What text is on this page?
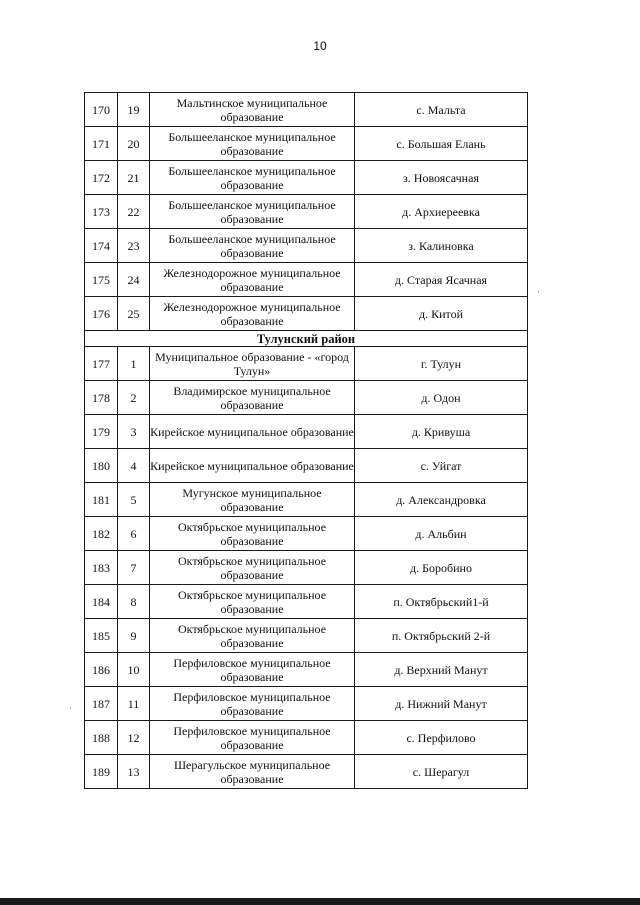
10
170	19	Мальтинское муниципальное образование	с. Мальта
171	20	Большееланское муниципальное образование	с. Большая Елань
172	21	Большееланское муниципальное образование	з. Новоясачная
173	22	Большееланское муниципальное образование	д. Архиереевка
174	23	Большееланское муниципальное образование	з. Калиновка
175	24	Железнодорожное муниципальное образование	д. Старая Ясачная
176	25	Железнодорожное муниципальное образование	д. Китой
Тулунский район			
177	1	Муниципальное образование - «город Тулун»	г. Тулун
178	2	Владимирское муниципальное образование	д. Одон
179	3	Кирейское муниципальное образование	д. Кривуша
180	4	Кирейское муниципальное образование	с. Уйгат
181	5	Мугунское муниципальное образование	д. Александровка
182	6	Октябрьское муниципальное образование	д. Альбин
183	7	Октябрьское муниципальное образование	д. Боробино
184	8	Октябрьское муниципальное образование	п. Октябрьский1-й
185	9	Октябрьское муниципальное образование	п. Октябрьский 2-й
186	10	Перфиловское муниципальное образование	д. Верхний Манут
187	11	Перфиловское муниципальное образование	д. Нижний Манут
188	12	Перфиловское муниципальное образование	с. Перфилово
189	13	Шерагульское муниципальное образование	с. Шерагул
